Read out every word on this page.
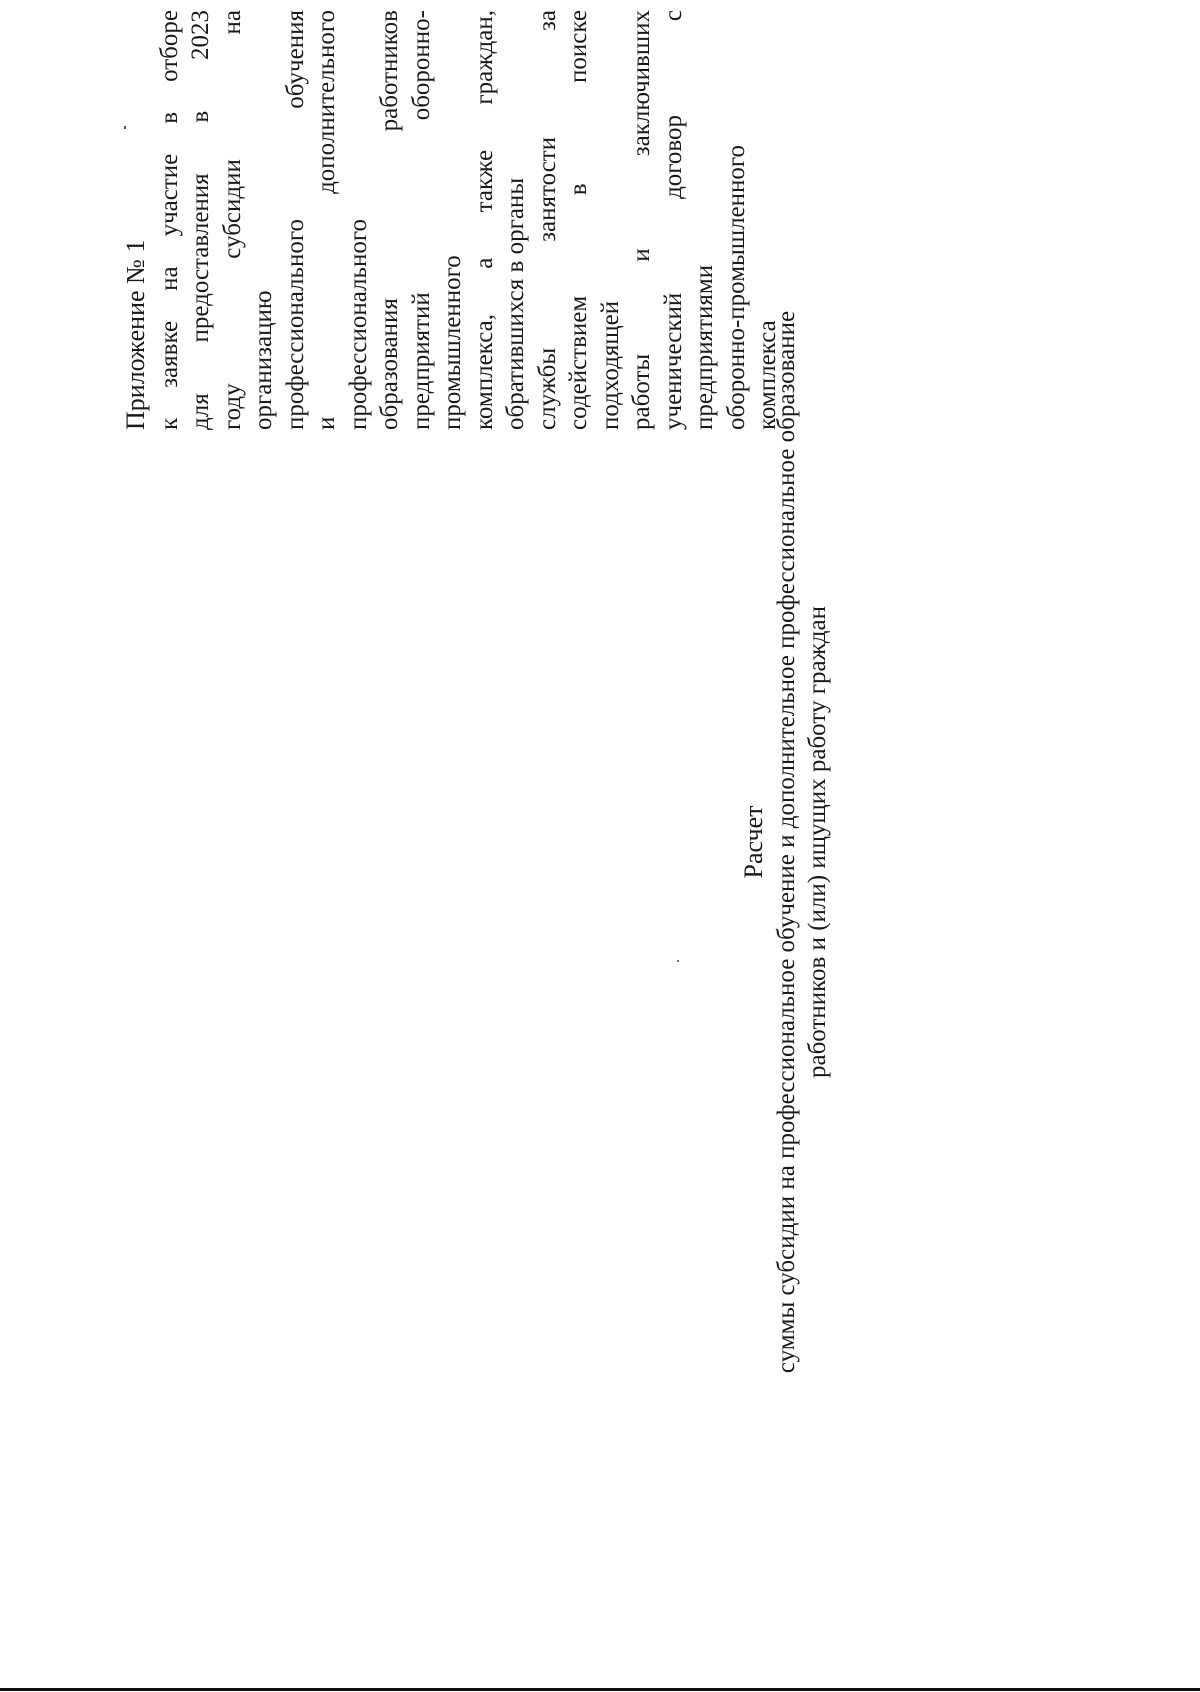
Приложение № 1 к заявке на участие в отборе для предоставления в 2023 году субсидии на организацию профессионального обучения и дополнительного профессионального образования работников предприятий оборонно- промышленного комплекса, а также граждан, обратившихся в органы службы занятости за содействием в поиске подходящей работы и заключивших ученический договор с предприятиями оборонно-промышленного комплекса
Расчет суммы субсидии на профессиональное обучение и дополнительное профессиональное образование работников и (или) ищущих работу граждан
